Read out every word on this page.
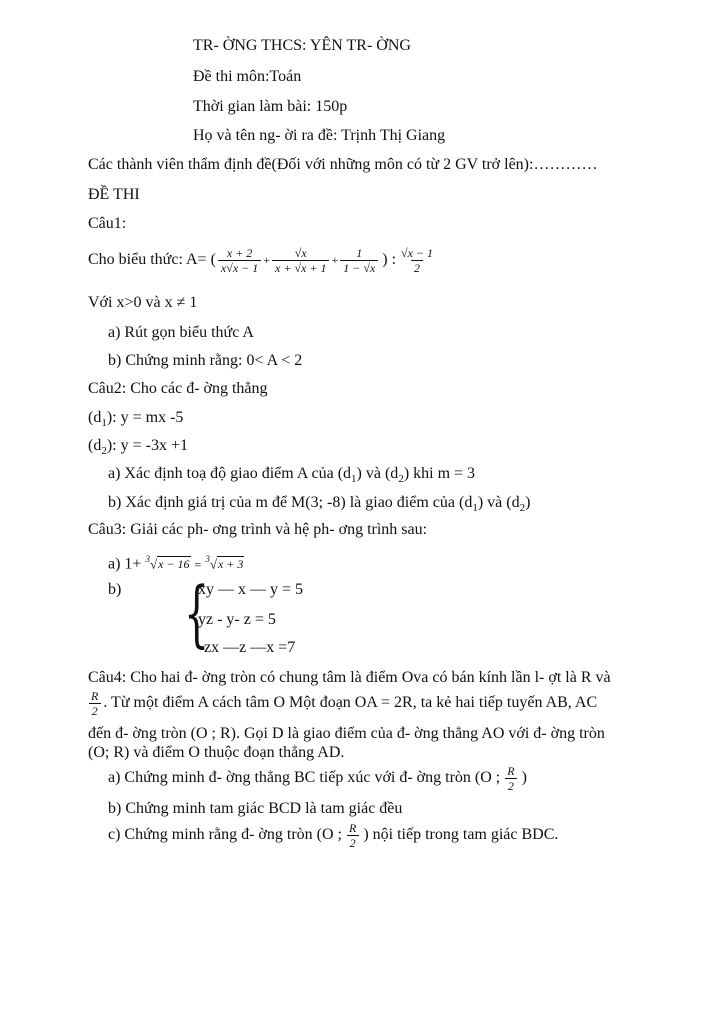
TR- ỜNG THCS: YÊN TR- ỜNG
Đề thi môn:Toán
Thời gian làm bài: 150p
Họ và tên ng- ời ra đề: Trịnh Thị Giang
Các thành viên thẩm định đề(Đối với những môn có từ 2 GV trở lên):…………
ĐỀ THI
Câu1:
Cho biểu thức: A= ( $\frac{x + 2}{x√x - 1} + \frac{√x}{x + √x + 1} + \frac{1}{1 - √x}$ ) : $\frac{√x - 1}{2}$
Với x>0 và x ≠ 1
a) Rút gọn biểu thức A
b) Chứng minh rằng: 0< A < 2
Câu2: Cho các đ- ờng thẳng
$(d_1)$: y = mx -5
$(d_2)$: y = -3x +1
a) Xác định toạ độ giao điểm A của $(d_1)$ và $(d_2)$ khi m = 3
b) Xác định giá trị của m để M(3; -8) là giao điểm của $(d_1)$ và $(d_2)$
Câu3: Giải các ph- ơng trình và hệ ph- ơng trình sau:
a) 1+ $^3$√x − 16 = $^3$√x + 3
b) {
xy — x — y = 5
yz - y- z = 5
zx —z —x =7
Câu4: Cho hai đ- ờng tròn có chung tâm là điểm Ova có bán kính lần l- ợt là R và
$\frac{R}{2}$ . Từ một điểm A cách tâm O Một đoạn OA = 2R, ta kẻ hai tiếp tuyến AB, AC
đến đ- ờng tròn (O ; R). Gọi D là giao điểm của đ- ờng thẳng AO với đ- ờng tròn
(O; R) và điểm O thuộc đoạn thẳng AD.
a) Chứng minh đ- ờng thẳng BC tiếp xúc với đ- ờng tròn (O ; $\frac{R}{2}$ )
b) Chứng minh tam giác BCD là tam giác đều
c) Chứng minh rằng đ- ờng tròn (O ; $\frac{R}{2}$ ) nội tiếp trong tam giác BDC.
